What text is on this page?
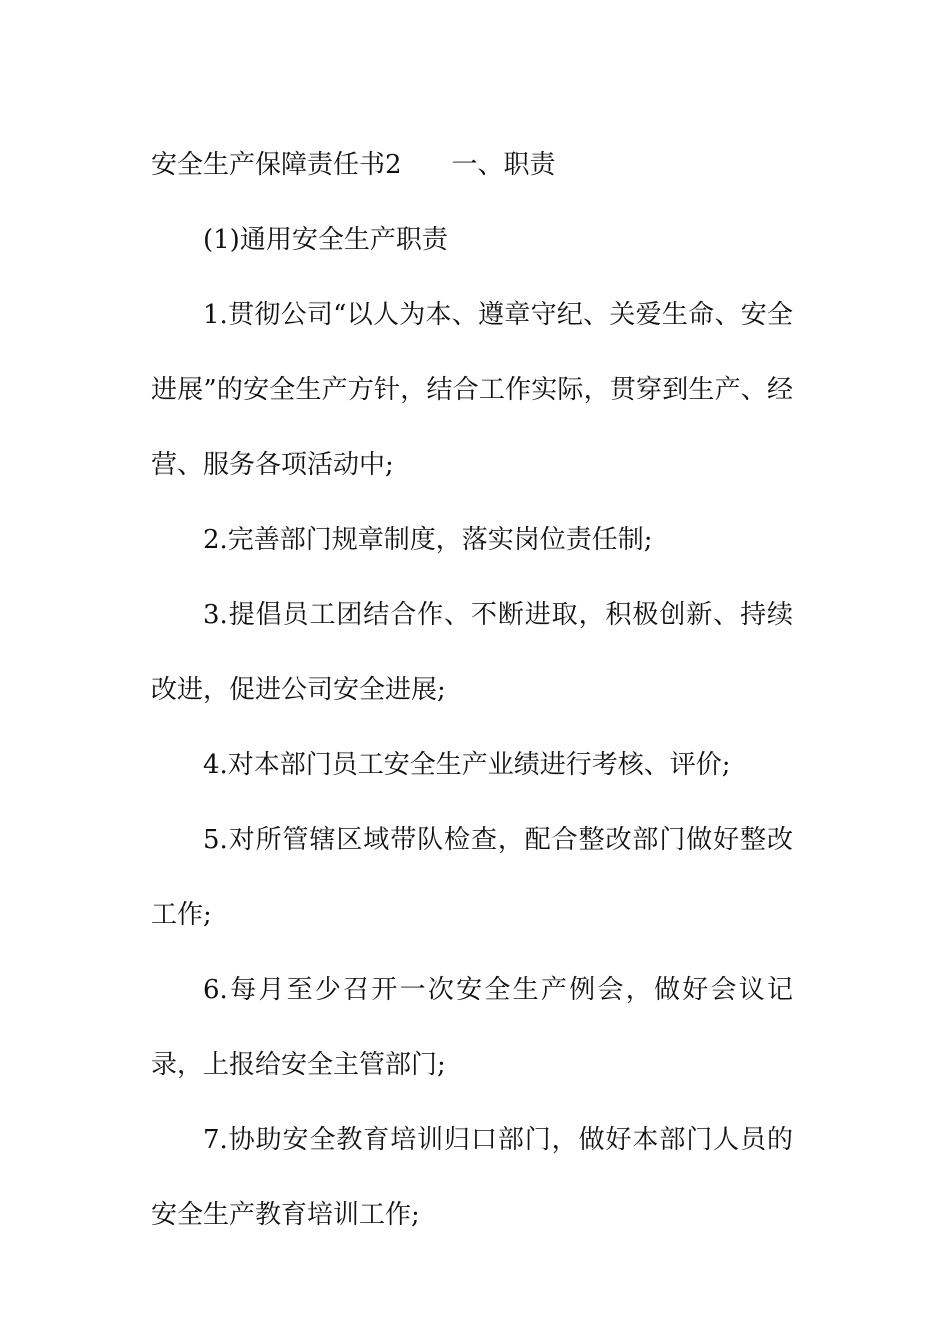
安全生产保障责任书2 一、职责

(1)通用安全生产职责

1.贯彻公司“以人为本、遵章守纪、关爱生命、安全进展”的安全生产方针，结合工作实际，贯穿到生产、经营、服务各项活动中;

2.完善部门规章制度，落实岗位责任制;

3.提倡员工团结合作、不断进取，积极创新、持续改进，促进公司安全进展;

4.对本部门员工安全生产业绩进行考核、评价;

5.对所管辖区域带队检查，配合整改部门做好整改工作;

6.每月至少召开一次安全生产例会，做好会议记录，上报给安全主管部门;

7.协助安全教育培训归口部门，做好本部门人员的安全生产教育培训工作;
